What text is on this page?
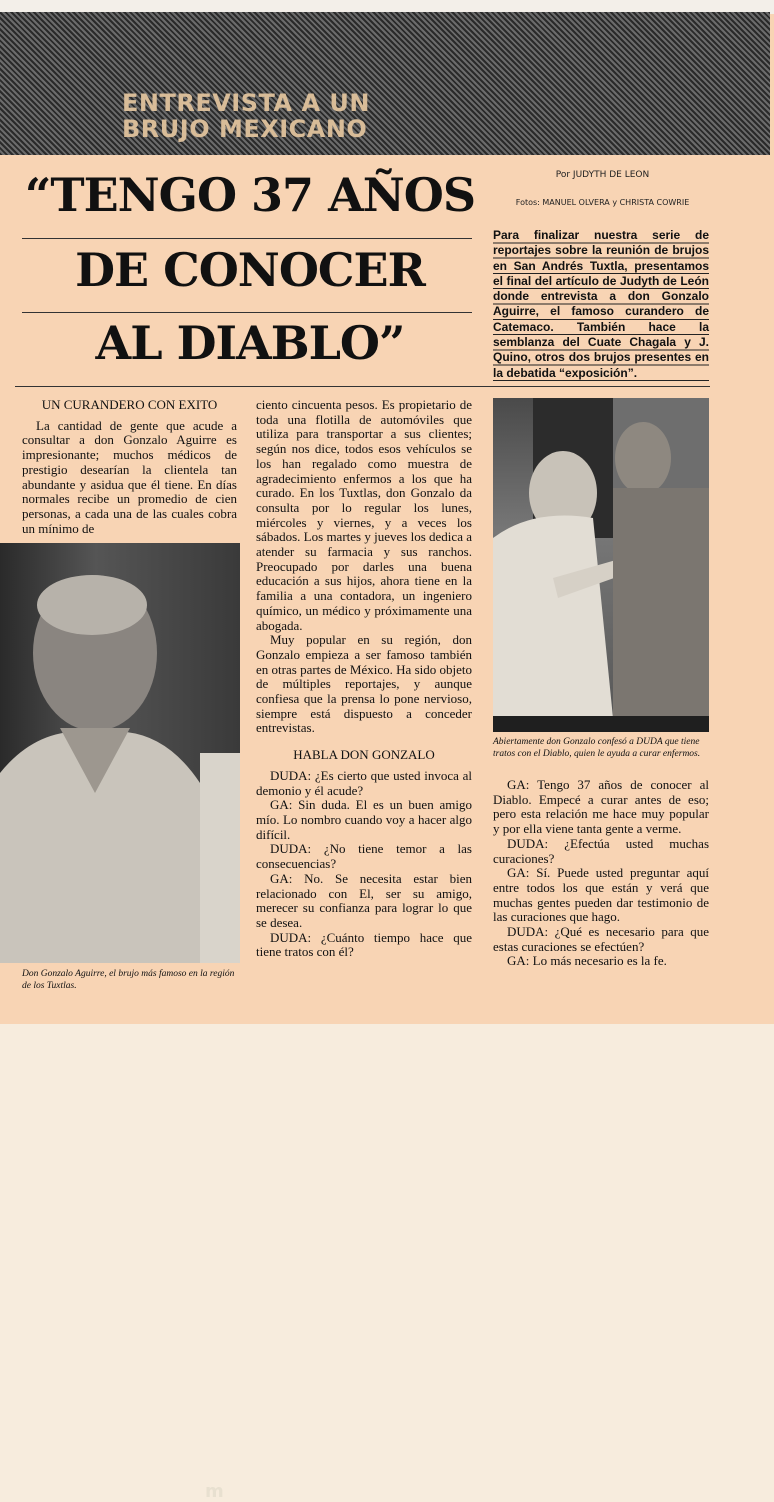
ENTREVISTA A UN BRUJO MEXICANO
“TENGO 37 AÑOS
DE CONOCER
AL DIABLO”
Por JUDYTH DE LEON
Fotos: MANUEL OLVERA y CHRISTA COWRIE
Para finalizar nuestra serie de reportajes sobre la reunión de brujos en San Andrés Tuxtla, presentamos el final del artículo de Judyth de León donde entrevista a don Gonzalo Aguirre, el famoso curandero de Catemaco. También hace la semblanza del Cuate Chagala y J. Quino, otros dos brujos presentes en la debatida “exposición”.
UN CURANDERO CON EXITO

La cantidad de gente que acude a consultar a don Gonzalo Aguirre es impresionante; muchos médicos de prestigio desearían la clientela tan abundante y asidua que él tiene. En días normales recibe un promedio de cien personas, a cada una de las cuales cobra un mínimo de

m
Don Gonzalo Aguirre, el brujo más famoso en la región de los Tuxtlas.

ciento cincuenta pesos. Es propietario de toda una flotilla de automóviles que utiliza para transportar a sus clientes; según nos dice, todos esos vehículos se los han regalado como muestra de agradecimiento enfermos a los que ha curado. En los Tuxtlas, don Gonzalo da consulta por lo regular los lunes, miércoles y viernes, y a veces los sábados. Los martes y jueves los dedica a atender su farmacia y sus ranchos. Preocupado por darles una buena educación a sus hijos, ahora tiene en la familia a una contadora, un ingeniero químico, un médico y próximamente una abogada.

Muy popular en su región, don Gonzalo empieza a ser famoso también en otras partes de México. Ha sido objeto de múltiples reportajes, y aunque confiesa que la prensa lo pone nervioso, siempre está dispuesto a conceder entrevistas.

HABLA DON GONZALO

DUDA: ¿Es cierto que usted invoca al demonio y él acude?

GA: Sin duda. El es un buen amigo mío. Lo nombro cuando voy a hacer algo difícil.

DUDA: ¿No tiene temor a las consecuencias?

GA: No. Se necesita estar bien relacionado con El, ser su amigo, merecer su confianza para lograr lo que se desea.

DUDA: ¿Cuánto tiempo hace que tiene tratos con él?

Abiertamente don Gonzalo confesó a DUDA que tiene tratos con el Diablo, quien le ayuda a curar enfermos.

GA: Tengo 37 años de conocer al Diablo. Empecé a curar antes de eso; pero esta relación me hace muy popular y por ella viene tanta gente a verme.

DUDA: ¿Efectúa usted muchas curaciones?

GA: Sí. Puede usted preguntar aquí entre todos los que están y verá que muchas gentes pueden dar testimonio de las curaciones que hago.

DUDA: ¿Qué es necesario para que estas curaciones se efectúen?

GA: Lo más necesario es la fe.
